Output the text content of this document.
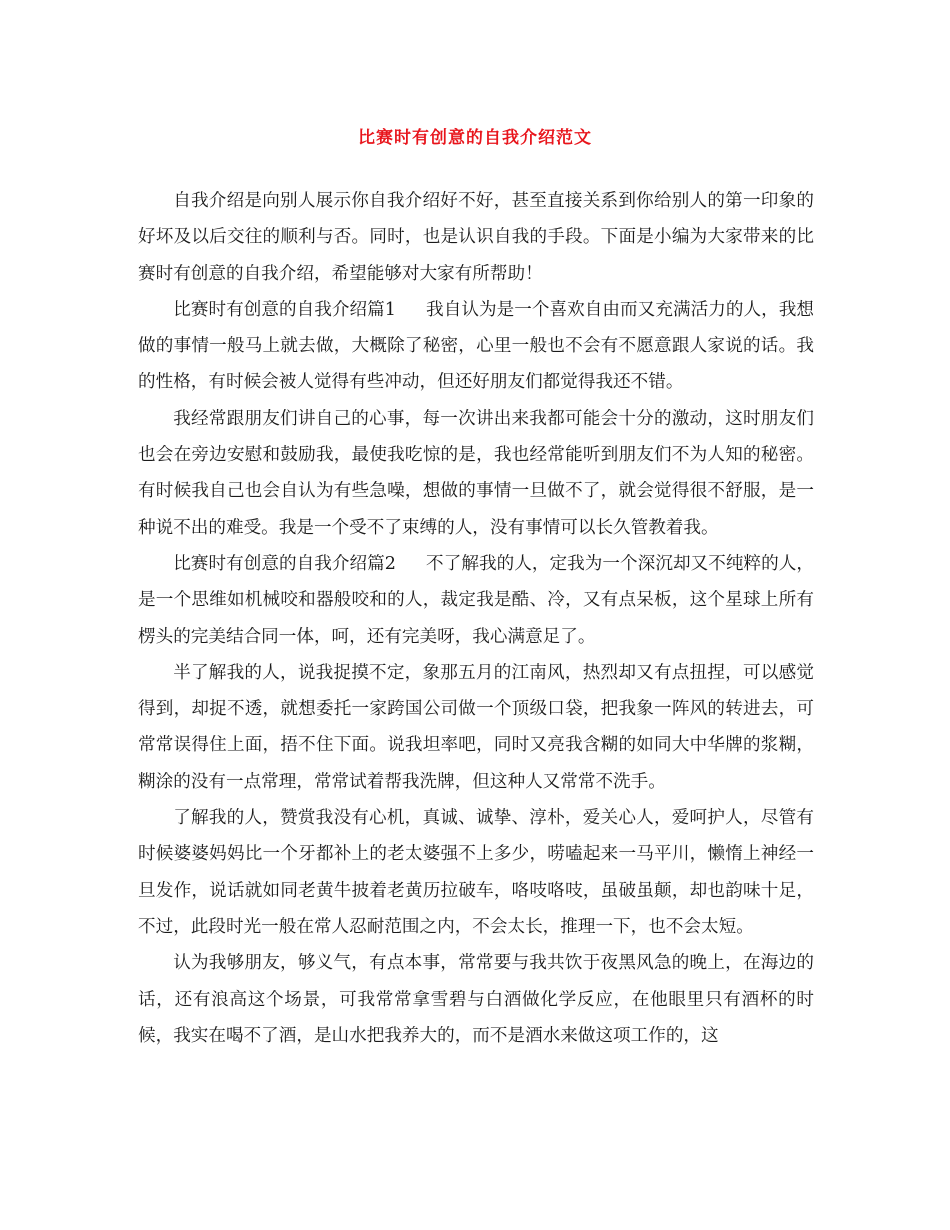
比赛时有创意的自我介绍范文

自我介绍是向别人展示你自我介绍好不好，甚至直接关系到你给别人的第一印象的好坏及以后交往的顺利与否。同时，也是认识自我的手段。下面是小编为大家带来的比赛时有创意的自我介绍，希望能够对大家有所帮助！

比赛时有创意的自我介绍篇1 我自认为是一个喜欢自由而又充满活力的人，我想做的事情一般马上就去做，大概除了秘密，心里一般也不会有不愿意跟人家说的话。我的性格，有时候会被人觉得有些冲动，但还好朋友们都觉得我还不错。

我经常跟朋友们讲自己的心事，每一次讲出来我都可能会十分的激动，这时朋友们也会在旁边安慰和鼓励我，最使我吃惊的是，我也经常能听到朋友们不为人知的秘密。有时候我自己也会自认为有些急噪，想做的事情一旦做不了，就会觉得很不舒服，是一种说不出的难受。我是一个受不了束缚的人，没有事情可以长久管教着我。

比赛时有创意的自我介绍篇2 不了解我的人，定我为一个深沉却又不纯粹的人，是一个思维如机械咬和器般咬和的人，裁定我是酷、冷，又有点呆板，这个星球上所有楞头的完美结合同一体，呵，还有完美呀，我心满意足了。

半了解我的人，说我捉摸不定，象那五月的江南风，热烈却又有点扭捏，可以感觉得到，却捉不透，就想委托一家跨国公司做一个顶级口袋，把我象一阵风的转进去，可常常误得住上面，捂不住下面。说我坦率吧，同时又亮我含糊的如同大中华牌的浆糊，糊涂的没有一点常理，常常试着帮我洗牌，但这种人又常常不洗手。

了解我的人，赞赏我没有心机，真诚、诚挚、淳朴，爱关心人，爱呵护人，尽管有时候婆婆妈妈比一个牙都补上的老太婆强不上多少，唠嗑起来一马平川，懒惰上神经一旦发作，说话就如同老黄牛披着老黄历拉破车，咯吱咯吱，虽破虽颠，却也韵味十足，不过，此段时光一般在常人忍耐范围之内，不会太长，推理一下，也不会太短。

认为我够朋友，够义气，有点本事，常常要与我共饮于夜黑风急的晚上，在海边的话，还有浪高这个场景，可我常常拿雪碧与白酒做化学反应，在他眼里只有酒杯的时候，我实在喝不了酒，是山水把我养大的，而不是酒水来做这项工作的，这
